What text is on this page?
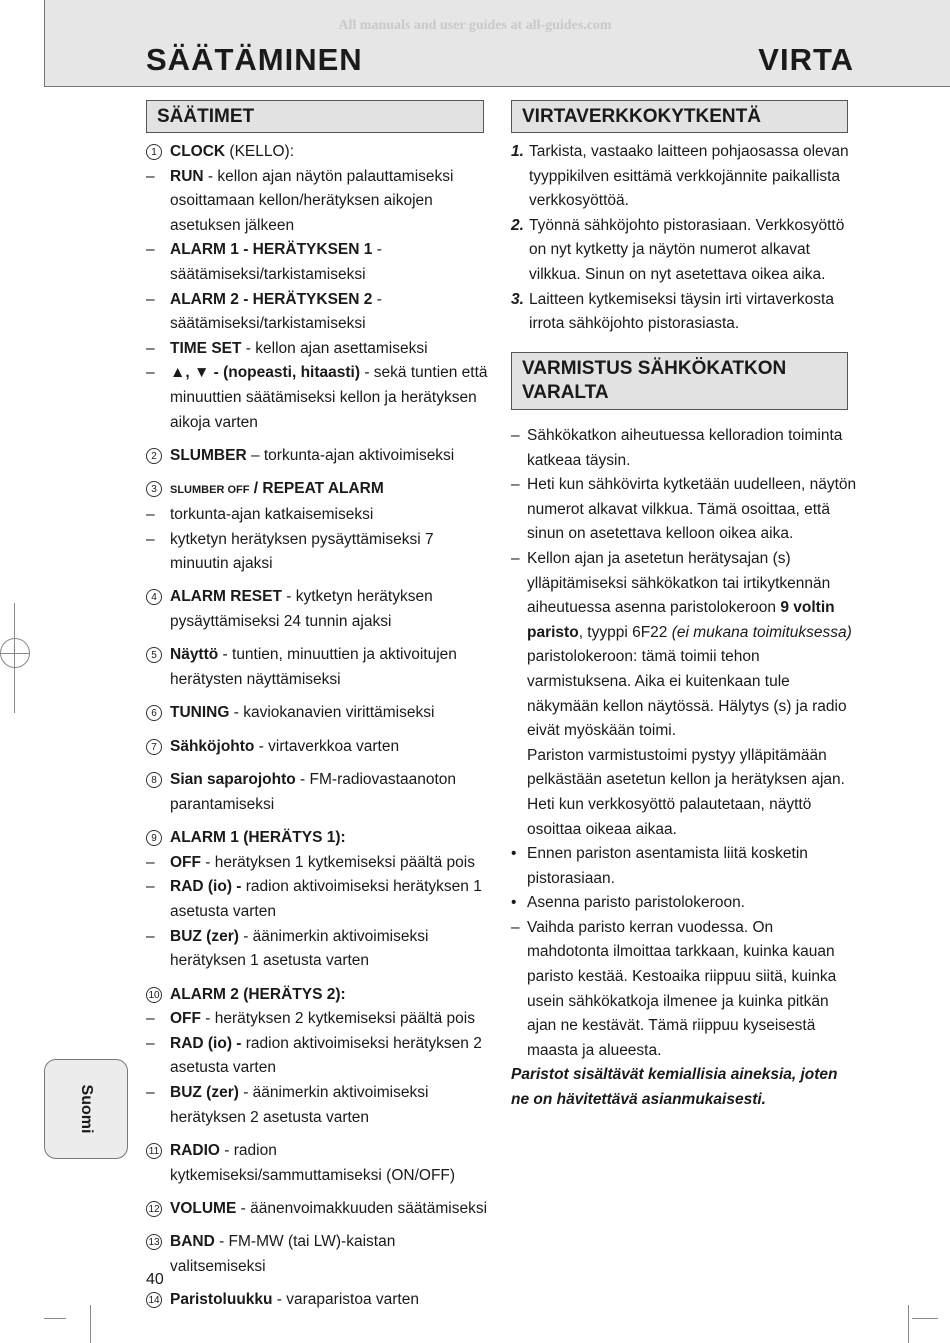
All manuals and user guides at all-guides.com
SÄÄTÄMINEN	VIRTA
SÄÄTIMET
1 CLOCK (KELLO):
– RUN - kellon ajan näytön palauttamiseksi osoittamaan kellon/herätyksen aikojen asetuksen jälkeen
– ALARM 1 - HERÄTYKSEN 1 - säätämiseksi/tarkistamiseksi
– ALARM 2 - HERÄTYKSEN 2 - säätämiseksi/tarkistamiseksi
– TIME SET - kellon ajan asettamiseksi
– ▲, ▼ - (nopeasti, hitaasti) - sekä tuntien että minuuttien säätämiseksi kellon ja herätyksen aikoja varten
2 SLUMBER – torkunta-ajan aktivoimiseksi
3	SLUMBER OFF / REPEAT ALARM
– torkunta-ajan katkaisemiseksi
– kytketyn herätyksen pysäyttämiseksi 7 minuutin ajaksi
4 ALARM RESET - kytketyn herätyksen pysäyttämiseksi 24 tunnin ajaksi
5 Näyttö - tuntien, minuuttien ja aktivoitujen herätysten näyttämiseksi
6 TUNING - kaviokanavien virittämiseksi
7 Sähköjohto - virtaverkkoa varten
8 Sian saparojohto - FM-radiovastaanoton parantamiseksi
9 ALARM 1 (HERÄTYS 1):
– OFF - herätyksen 1 kytkemiseksi päältä pois
– RAD (io) - radion aktivoimiseksi herätyksen 1 asetusta varten
– BUZ (zer) - äänimerkin aktivoimiseksi herätyksen 1 asetusta varten
10 ALARM 2 (HERÄTYS 2):
– OFF - herätyksen 2 kytkemiseksi päältä pois
– RAD (io) - radion aktivoimiseksi herätyksen 2 asetusta varten
– BUZ (zer) - äänimerkin aktivoimiseksi herätyksen 2 asetusta varten
11 RADIO - radion kytkemiseksi/sammuttamiseksi (ON/OFF)
12 VOLUME - äänenvoimakkuuden säätämiseksi
13 BAND - FM-MW (tai LW)-kaistan valitsemiseksi
14 Paristoluukku - varaparistoa varten
VIRTAVERKKOKYTKENTÄ
1. Tarkista, vastaako laitteen pohjaosassa olevan tyyppikilven esittämä verkkojännite paikallista verkkosyöttöä.
2. Työnnä sähköjohto pistorasiaan. Verkkosyöttö on nyt kytketty ja näytön numerot alkavat vilkkua. Sinun on nyt asetettava oikea aika.
3. Laitteen kytkemiseksi täysin irti virtaverkosta irrota sähköjohto pistorasiasta.
VARMISTUS SÄHKÖKATKON
VARALTA
– Sähkökatkon aiheutuessa kelloradion toiminta katkeaa täysin.
– Heti kun sähkövirta kytketään uudelleen, näytön numerot alkavat vilkkua. Tämä osoittaa, että sinun on asetettava kelloon oikea aika.
– Kellon ajan ja asetetun herätysajan (s) ylläpitämiseksi sähkökatkon tai irtikytkennän aiheutuessa asenna paristolokeroon 9 voltin paristo, tyyppi 6F22 (ei mukana toimituksessa) paristolokeroon: tämä toimii tehon varmistuksena. Aika ei kuitenkaan tule näkymään kellon näytössä. Hälytys (s) ja radio eivät myöskään toimi.

Pariston varmistustoimi pystyy ylläpitämään pelkästään asetetun kellon ja herätyksen ajan.

Heti kun verkkosyöttö palautetaan, näyttö osoittaa oikeaa aikaa.

• Ennen pariston asentamista liitä kosketin pistorasiaan.
• Asenna paristo paristolokeroon.
– Vaihda paristo kerran vuodessa. On mahdotonta ilmoittaa tarkkaan, kuinka kauan paristo kestää. Kestoaika riippuu siitä, kuinka usein sähkökatkoja ilmenee ja kuinka pitkän ajan ne kestävät. Tämä riippuu kyseisestä maasta ja alueesta.

Paristot sisältävät kemiallisia aineksia, joten ne on hävitettävä asianmukaisesti.

Suomi
40
